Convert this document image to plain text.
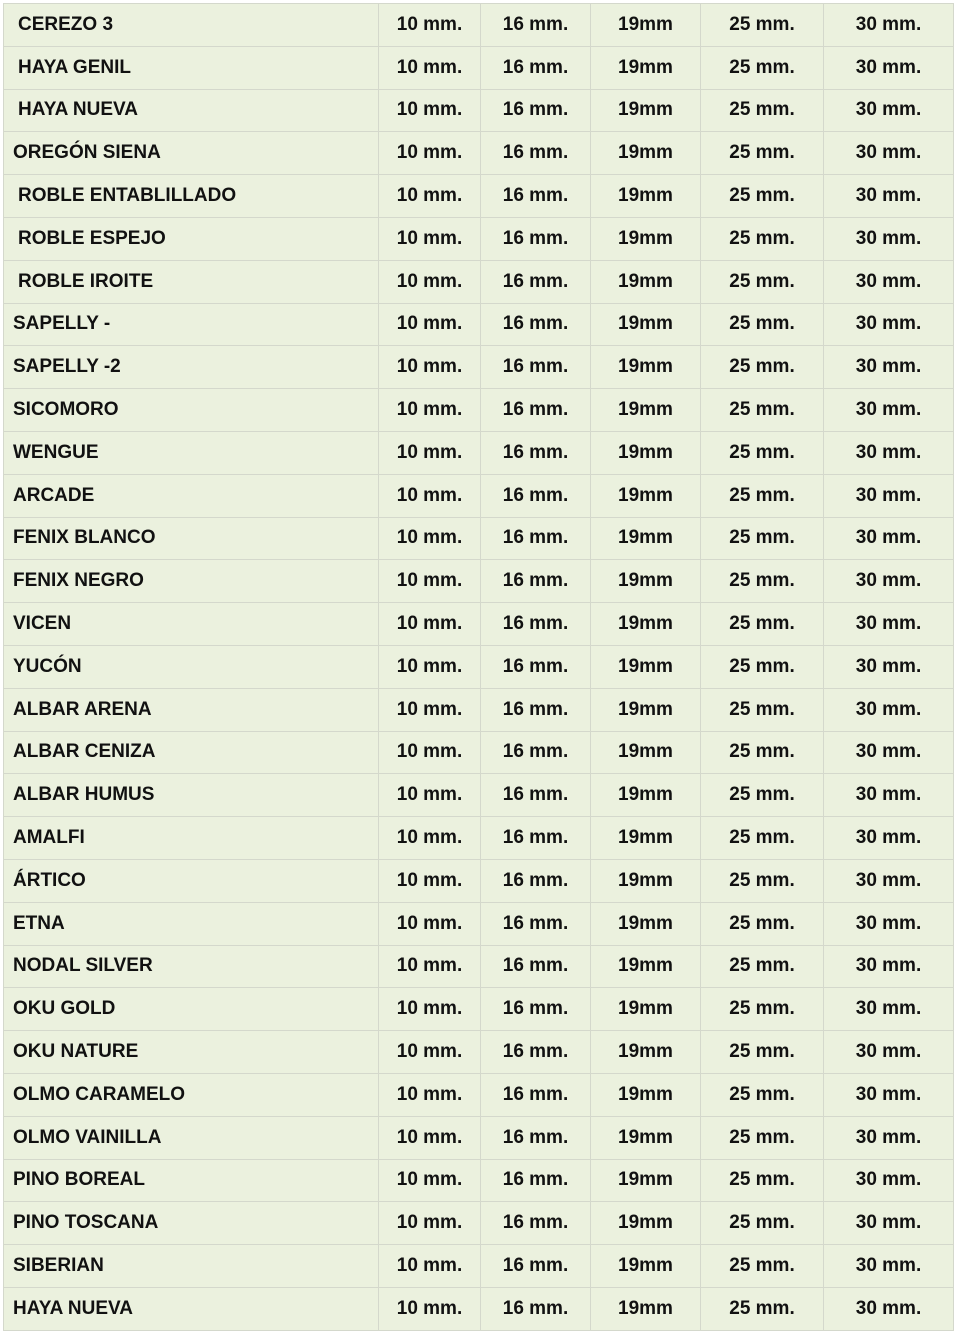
CEREZO 3	10 mm.	16 mm.	19mm	25 mm.	30 mm.
HAYA GENIL	10 mm.	16 mm.	19mm	25 mm.	30 mm.
HAYA NUEVA	10 mm.	16 mm.	19mm	25 mm.	30 mm.
OREGÓN SIENA	10 mm.	16 mm.	19mm	25 mm.	30 mm.
ROBLE ENTABLILLADO	10 mm.	16 mm.	19mm	25 mm.	30 mm.
ROBLE ESPEJO	10 mm.	16 mm.	19mm	25 mm.	30 mm.
ROBLE IROITE	10 mm.	16 mm.	19mm	25 mm.	30 mm.
SAPELLY -	10 mm.	16 mm.	19mm	25 mm.	30 mm.
SAPELLY -2	10 mm.	16 mm.	19mm	25 mm.	30 mm.
SICOMORO	10 mm.	16 mm.	19mm	25 mm.	30 mm.
WENGUE	10 mm.	16 mm.	19mm	25 mm.	30 mm.
ARCADE	10 mm.	16 mm.	19mm	25 mm.	30 mm.
FENIX BLANCO	10 mm.	16 mm.	19mm	25 mm.	30 mm.
FENIX NEGRO	10 mm.	16 mm.	19mm	25 mm.	30 mm.
VICEN	10 mm.	16 mm.	19mm	25 mm.	30 mm.
YUCÓN	10 mm.	16 mm.	19mm	25 mm.	30 mm.
ALBAR ARENA	10 mm.	16 mm.	19mm	25 mm.	30 mm.
ALBAR CENIZA	10 mm.	16 mm.	19mm	25 mm.	30 mm.
ALBAR HUMUS	10 mm.	16 mm.	19mm	25 mm.	30 mm.
AMALFI	10 mm.	16 mm.	19mm	25 mm.	30 mm.
ÁRTICO	10 mm.	16 mm.	19mm	25 mm.	30 mm.
ETNA	10 mm.	16 mm.	19mm	25 mm.	30 mm.
NODAL SILVER	10 mm.	16 mm.	19mm	25 mm.	30 mm.
OKU GOLD	10 mm.	16 mm.	19mm	25 mm.	30 mm.
OKU NATURE	10 mm.	16 mm.	19mm	25 mm.	30 mm.
OLMO CARAMELO	10 mm.	16 mm.	19mm	25 mm.	30 mm.
OLMO VAINILLA	10 mm.	16 mm.	19mm	25 mm.	30 mm.
PINO BOREAL	10 mm.	16 mm.	19mm	25 mm.	30 mm.
PINO TOSCANA	10 mm.	16 mm.	19mm	25 mm.	30 mm.
SIBERIAN	10 mm.	16 mm.	19mm	25 mm.	30 mm.
HAYA NUEVA	10 mm.	16 mm.	19mm	25 mm.	30 mm.
